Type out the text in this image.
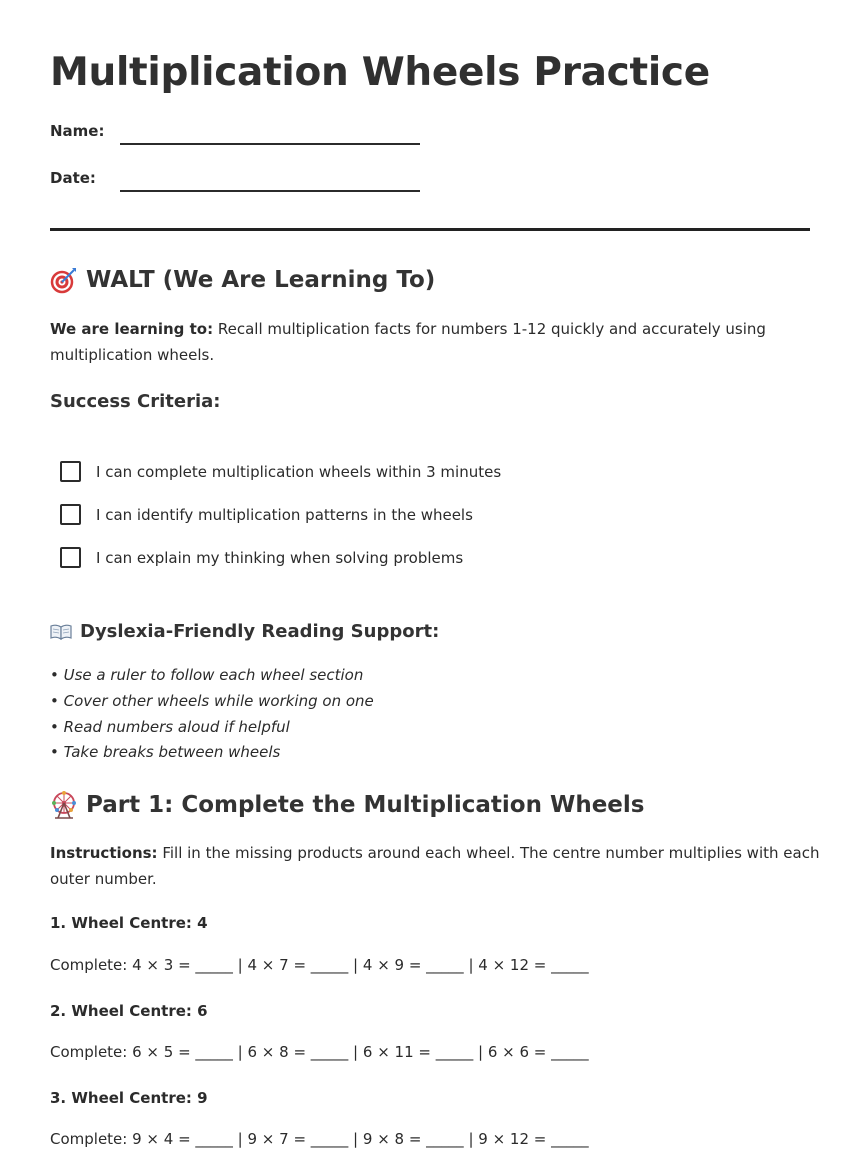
Multiplication Wheels Practice
Name:
Date:
WALT (We Are Learning To)
We are learning to: Recall multiplication facts for numbers 1-12 quickly and accurately using multiplication wheels.
Success Criteria:
I can complete multiplication wheels within 3 minutes
I can identify multiplication patterns in the wheels
I can explain my thinking when solving problems
Dyslexia-Friendly Reading Support:
• Use a ruler to follow each wheel section
• Cover other wheels while working on one
• Read numbers aloud if helpful
• Take breaks between wheels
Part 1: Complete the Multiplication Wheels
Instructions: Fill in the missing products around each wheel. The centre number multiplies with each outer number.
1. Wheel Centre: 4
Complete: 4 × 3 = _____ | 4 × 7 = _____ | 4 × 9 = _____ | 4 × 12 = _____
2. Wheel Centre: 6
Complete: 6 × 5 = _____ | 6 × 8 = _____ | 6 × 11 = _____ | 6 × 6 = _____
3. Wheel Centre: 9
Complete: 9 × 4 = _____ | 9 × 7 = _____ | 9 × 8 = _____ | 9 × 12 = _____
